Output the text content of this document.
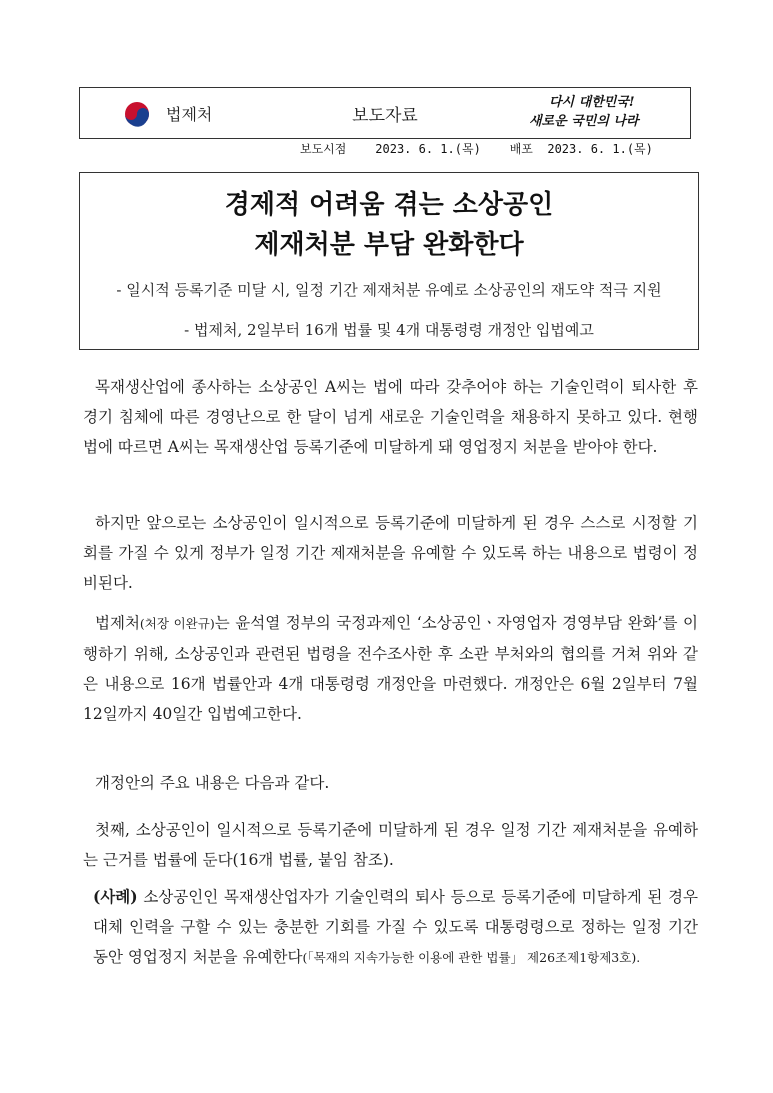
법제처	보도자료
다시 대한민국!
새로운 국민의 나라
보도시점 2023. 6. 1.(목) 배포 2023. 6. 1.(목)
경제적 어려움 겪는 소상공인
제재처분 부담 완화한다
- 일시적 등록기준 미달 시, 일정 기간 제재처분 유예로 소상공인의 재도약 적극 지원
- 법제처, 2일부터 16개 법률 및 4개 대통령령 개정안 입법예고
목재생산업에 종사하는 소상공인 A씨는 법에 따라 갖추어야 하는 기술인력이 퇴사한 후 경기 침체에 따른 경영난으로 한 달이 넘게 새로운 기술인력을 채용하지 못하고 있다. 현행법에 따르면 A씨는 목재생산업 등록기준에 미달하게 돼 영업정지 처분을 받아야 한다.
하지만 앞으로는 소상공인이 일시적으로 등록기준에 미달하게 된 경우 스스로 시정할 기회를 가질 수 있게 정부가 일정 기간 제재처분을 유예할 수 있도록 하는 내용으로 법령이 정비된다.
법제처(처장 이완규)는 윤석열 정부의 국정과제인 ‘소상공인ㆍ자영업자 경영부담 완화’를 이행하기 위해, 소상공인과 관련된 법령을 전수조사한 후 소관 부처와의 협의를 거쳐 위와 같은 내용으로 16개 법률안과 4개 대통령령 개정안을 마련했다. 개정안은 6월 2일부터 7월 12일까지 40일간 입법예고한다.
개정안의 주요 내용은 다음과 같다.
첫째, 소상공인이 일시적으로 등록기준에 미달하게 된 경우 일정 기간 제재처분을 유예하는 근거를 법률에 둔다(16개 법률, 붙임 참조).
(사례) 소상공인인 목재생산업자가 기술인력의 퇴사 등으로 등록기준에 미달하게 된 경우 대체 인력을 구할 수 있는 충분한 기회를 가질 수 있도록 대통령령으로 정하는 일정 기간 동안 영업정지 처분을 유예한다(「목재의 지속가능한 이용에 관한 법률」 제26조제1항제3호).
